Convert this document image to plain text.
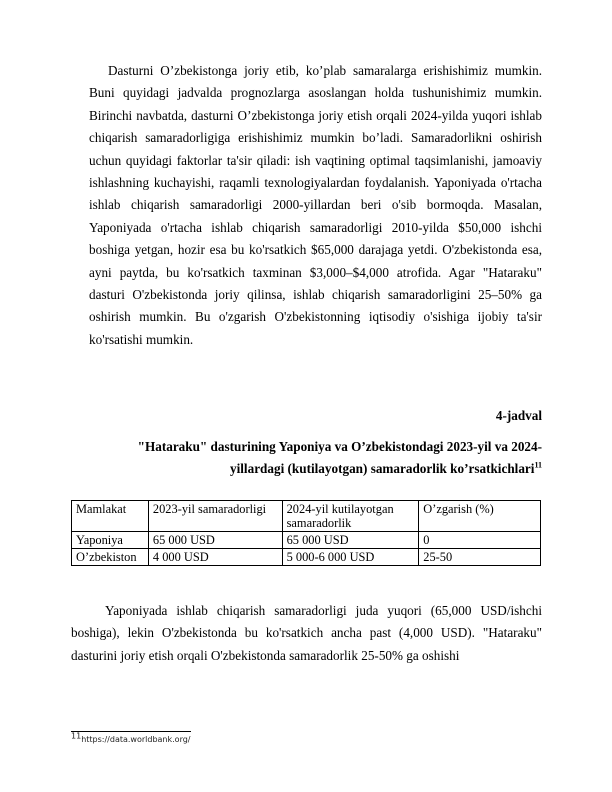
Dasturni O’zbekistonga joriy etib, ko’plab samaralarga erishishimiz mumkin. Buni quyidagi jadvalda prognozlarga asoslangan holda tushunishimiz mumkin. Birinchi navbatda, dasturni O’zbekistonga joriy etish orqali 2024-yilda yuqori ishlab chiqarish samaradorligiga erishishimiz mumkin bo’ladi. Samaradorlikni oshirish uchun quyidagi faktorlar ta'sir qiladi: ish vaqtining optimal taqsimlanishi, jamoaviy ishlashning kuchayishi, raqamli texnologiyalardan foydalanish. Yaponiyada o'rtacha ishlab chiqarish samaradorligi 2000-yillardan beri o'sib bormoqda. Masalan, Yaponiyada o'rtacha ishlab chiqarish samaradorligi 2010-yilda $50,000 ishchi boshiga yetgan, hozir esa bu ko'rsatkich $65,000 darajaga yetdi. O'zbekistonda esa, ayni paytda, bu ko'rsatkich taxminan $3,000–$4,000 atrofida. Agar "Hataraku" dasturi O'zbekistonda joriy qilinsa, ishlab chiqarish samaradorligini 25–50% ga oshirish mumkin. Bu o'zgarish O'zbekistonning iqtisodiy o'sishiga ijobiy ta'sir ko'rsatishi mumkin.

4-jadval
"Hataraku" dasturining Yaponiya va O’zbekistondagi 2023-yil va 2024-yillardagi (kutilayotgan) samaradorlik ko’rsatkichlari$^{11}$
Mamlakat	2023-yil samaradorligi	2024-yil kutilayotgan samaradorlik	O’zgarish (%)
Yaponiya	65 000 USD	65 000 USD	0
O’zbekiston	4 000 USD	5 000-6 000 USD	25-50

Yaponiyada ishlab chiqarish samaradorligi juda yuqori (65,000 USD/ishchi boshiga), lekin O'zbekistonda bu ko'rsatkich ancha past (4,000 USD). "Hataraku" dasturini joriy etish orqali O'zbekistonda samaradorlik 25-50% ga oshishi

$^{11}$https://data.worldbank.org/
